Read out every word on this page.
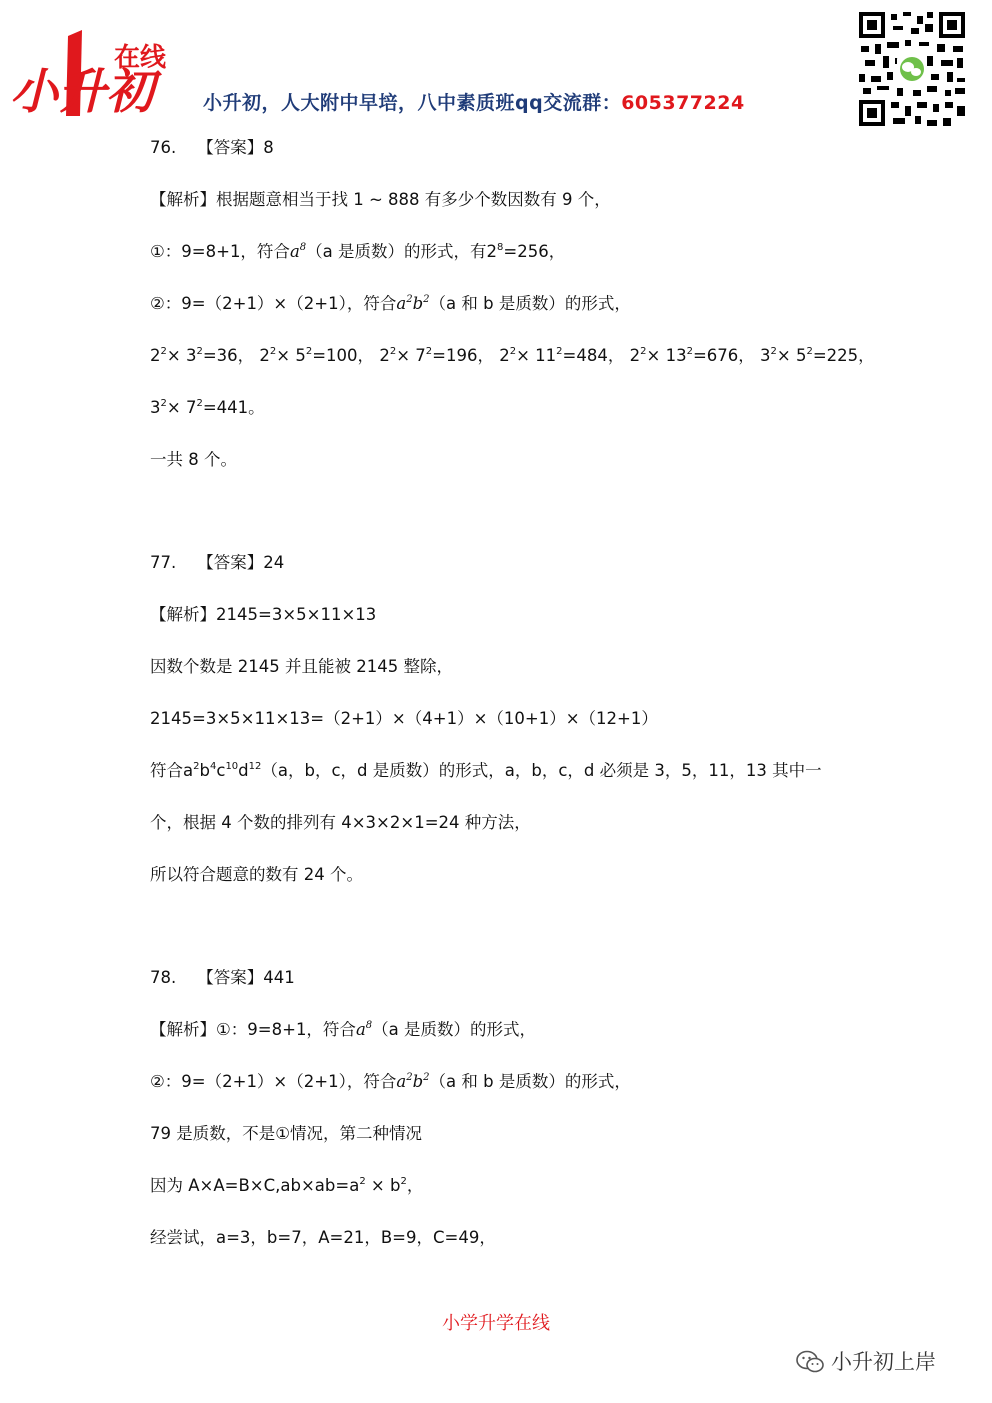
在线
小升初	小升初，人大附中早培，八中素质班qq交流群：605377224
76. 【答案】8
【解析】根据题意相当于找 1 ~ 888 有多少个数因数有 9 个，
①：9=8+1，符合$a^8(a$ 是质数）的形式，有$2^8=256$，
②：9=（2+1）×（2+1），符合$a^2b^2(a$ 和 b 是质数）的形式，
$2^2\times 3^2=36$， $2^2\times 5^2=100$， $2^2\times 7^2=196$， $2^2\times 11^2=484$， $2^2\times 13^2=676$， $3^2\times 5^2=225$，
$3^2\times 7^2=441$。
一共 8 个。
77. 【答案】24
【解析】2145=3×5×11×13
因数个数是 2145 并且能被 2145 整除，
2145=3×5×11×13=（2+1）×（4+1）×（10+1）×（12+1）
符合$a^2b^4c^{10}d^{12}(a$，b，c，d 是质数）的形式，a，b，c，d 必须是 3，5，11，13 其中一
个，根据 4 个数的排列有 4×3×2×1=24 种方法，
所以符合题意的数有 24 个。
78. 【答案】441
【解析】①：9=8+1，符合$a^8(a$ 是质数）的形式，
②：9=（2+1）×（2+1），符合$a^2b^2(a$ 和 b 是质数）的形式，
79 是质数，不是①情况，第二种情况
因为 $A\times A=B\times C,ab\times ab=a^2 \times b^2$，
经尝试，a=3，b=7，A=21，B=9，C=49，
小学升学在线
小升初上岸
